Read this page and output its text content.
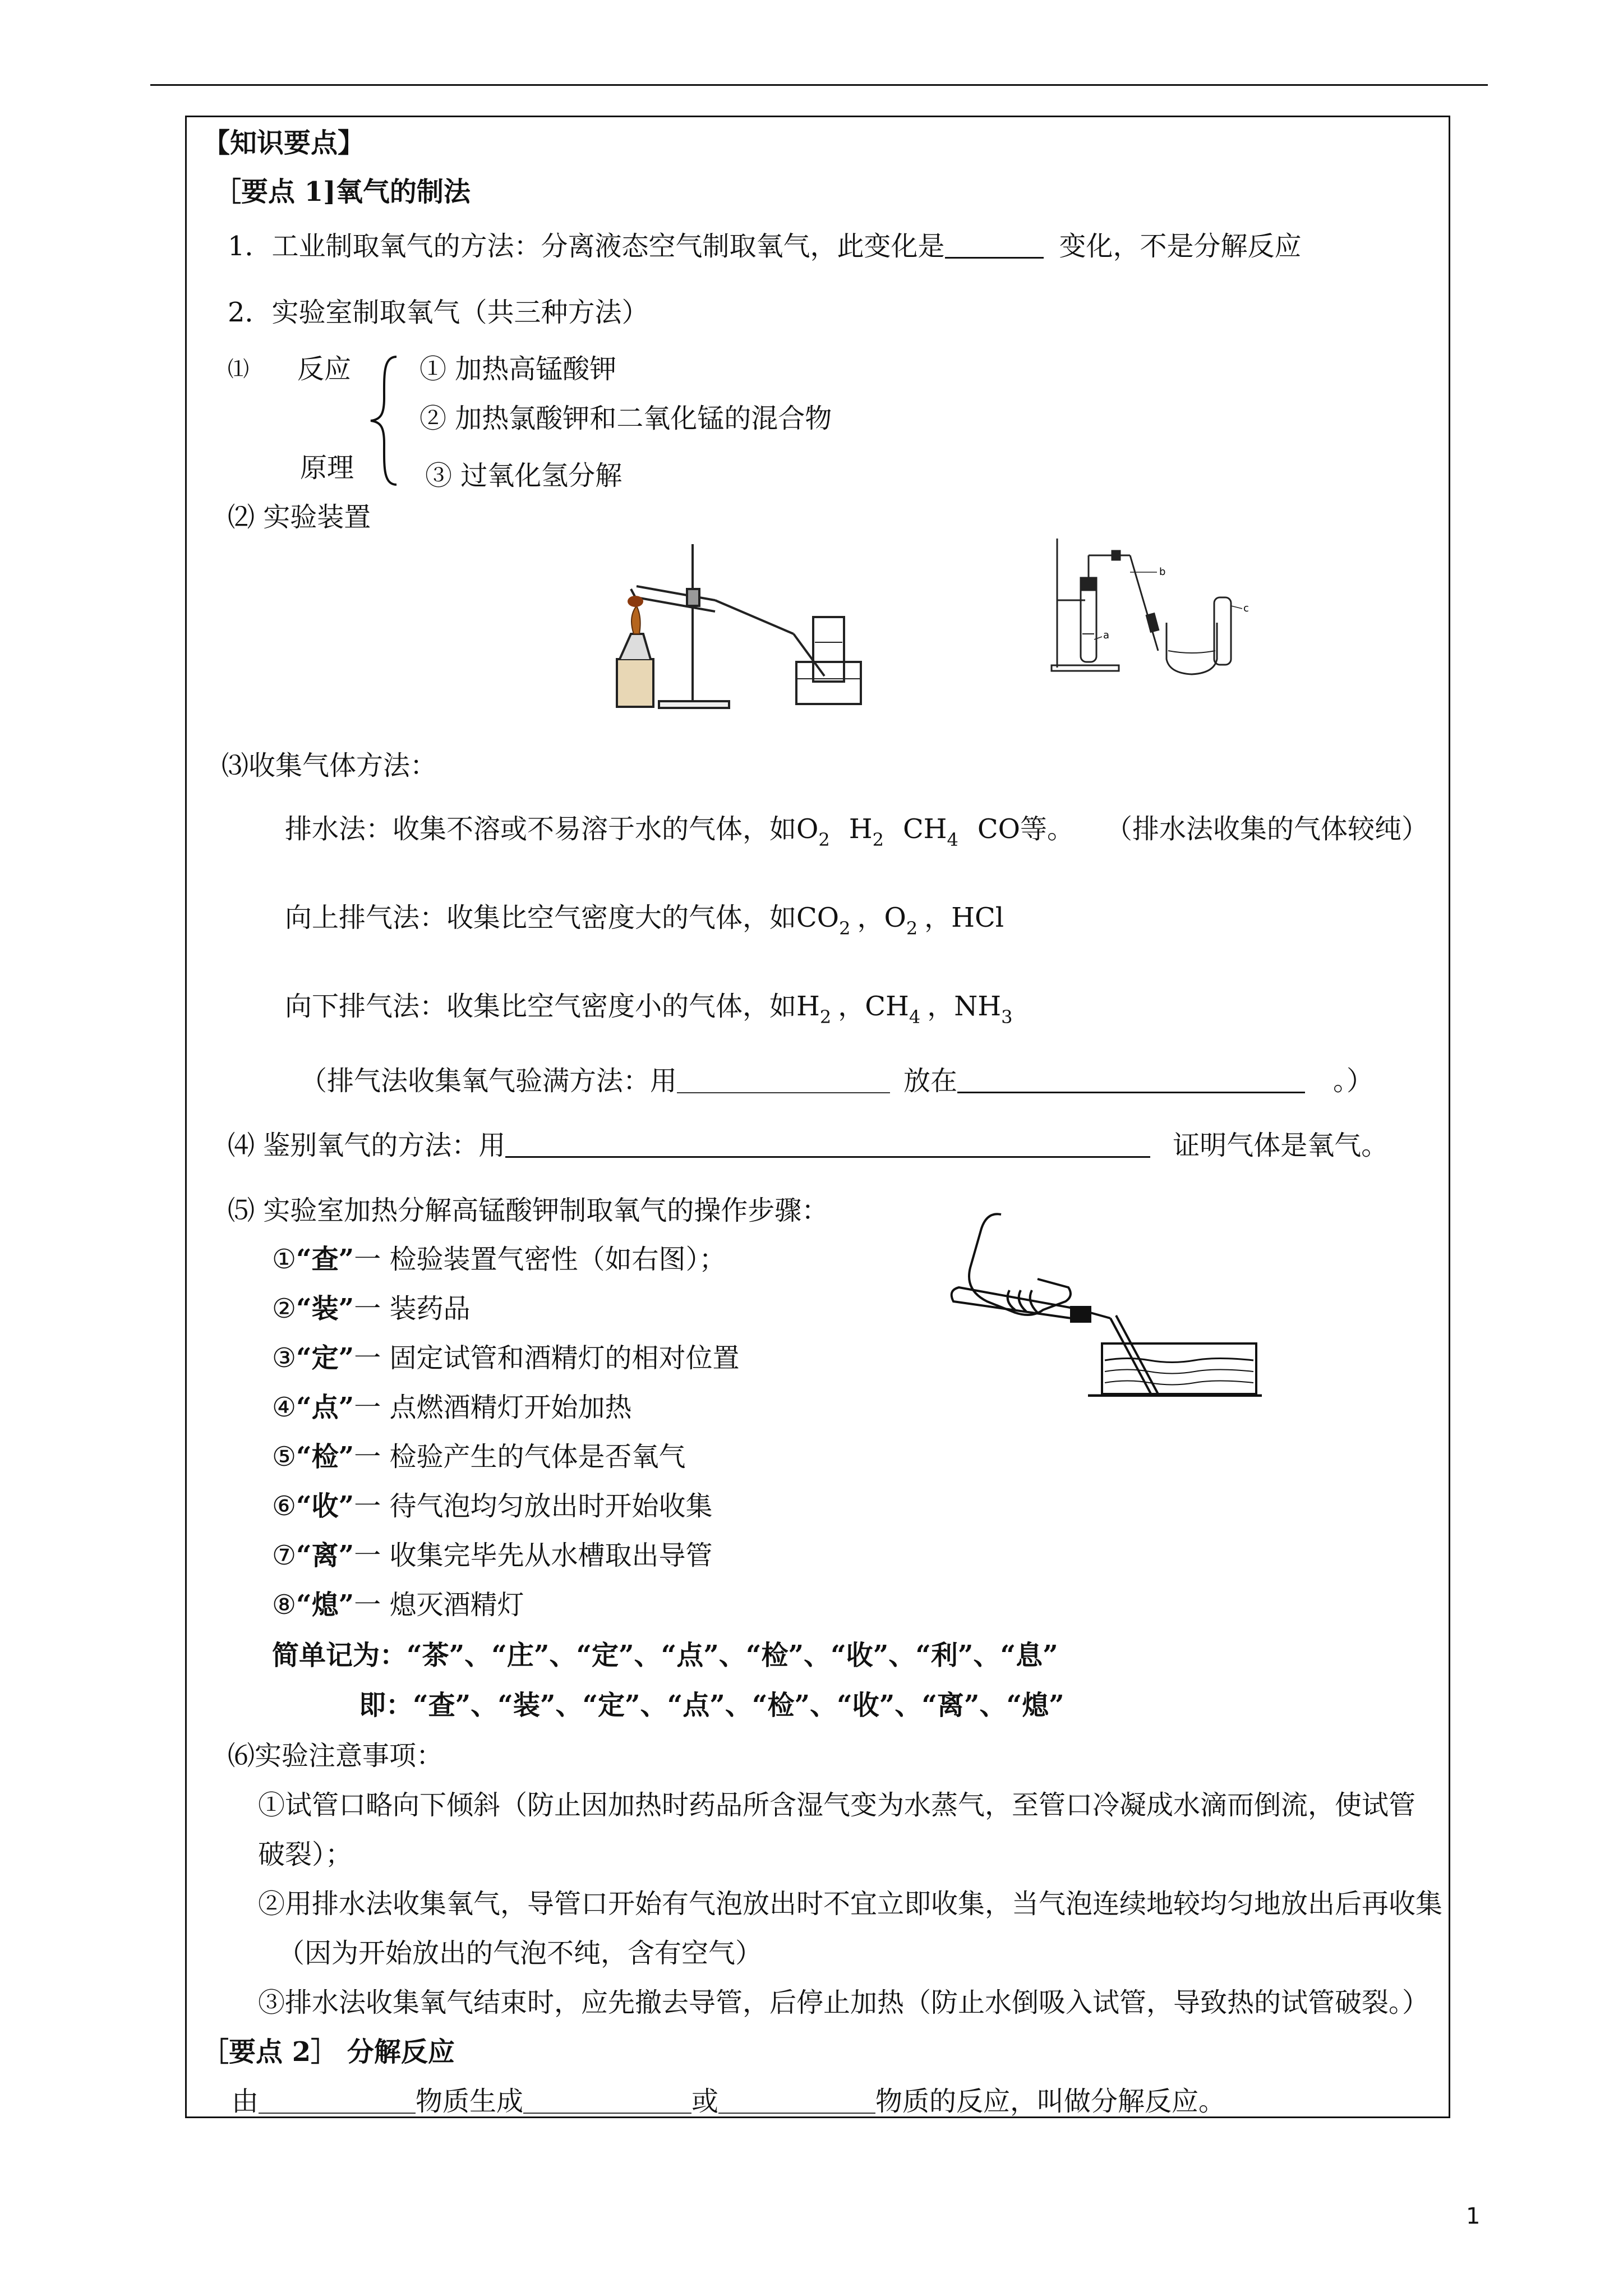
【知识要点】
［要点 1]氧气的制法
1．工业制取氧气的方法：分离液态空气制取氧气，此变化是	变化，不是分解反应
2．实验室制取氧气（共三种方法）
⑴ 反应
原理
① 加热高锰酸钾
② 加热氯酸钾和二氧化锰的混合物
③ 过氧化氢分解
⑵ 实验装置
b
c
a
⑶收集气体方法：
排水法：收集不溶或不易溶于水的气体，如$O_2$ $H_2$ $CH_4$ CO等。 （排水法收集的气体较纯）
向上排气法：收集比空气密度大的气体，如$CO_2$ ，$O_2$ ，HCl
向下排气法：收集比空气密度小的气体，如$H_2$ ，$CH_4$ ，$NH_3$
（排气法收集氧气验满方法：用	放在	。）
⑷ 鉴别氧气的方法：用	证明气体是氧气。
⑸ 实验室加热分解高锰酸钾制取氧气的操作步骤：
①“查”一 检验装置气密性（如右图）；
②“装”一 装药品
③“定”一 固定试管和酒精灯的相对位置
④“点”一 点燃酒精灯开始加热
⑤“检”一 检验产生的气体是否氧气
⑥“收”一 待气泡均匀放出时开始收集
⑦“离”一 收集完毕先从水槽取出导管
⑧“熄”一 熄灭酒精灯
简单记为：“茶”、“庄”、“定”、“点”、“检”、“收”、“利”、“息”
即：“查”、“装”、“定”、“点”、“检”、“收”、“离”、“熄”
⑹实验注意事项：
①试管口略向下倾斜（防止因加热时药品所含湿气变为水蒸气，至管口冷凝成水滴而倒流，使试管
破裂）；
②用排水法收集氧气，导管口开始有气泡放出时不宜立即收集，当气泡连续地较均匀地放出后再收集
（因为开始放出的气泡不纯，含有空气）
③排水法收集氧气结束时，应先撤去导管，后停止加热（防止水倒吸入试管，导致热的试管破裂。）
［要点 2］ 分解反应
由	物质生成	或	物质的反应，叫做分解反应。
1
